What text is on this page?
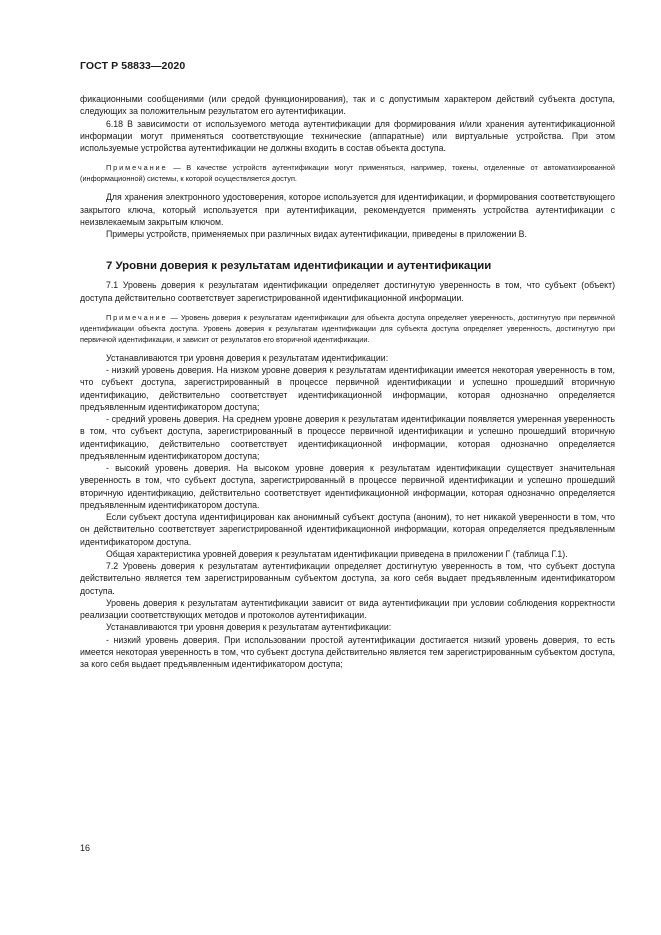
ГОСТ Р 58833—2020

фикационными сообщениями (или средой функционирования), так и с допустимым характером действий субъекта доступа, следующих за положительным результатом его аутентификации.

6.18 В зависимости от используемого метода аутентификации для формирования и/или хранения аутентификационной информации могут применяться соответствующие технические (аппаратные) или виртуальные устройства. При этом используемые устройства аутентификации не должны входить в состав объекта доступа.

Примечание — В качестве устройств аутентификации могут применяться, например, токены, отделенные от автоматизированной (информационной) системы, к которой осуществляется доступ.

Для хранения электронного удостоверения, которое используется для идентификации, и формирования соответствующего закрытого ключа, который используется при аутентификации, рекомендуется применять устройства аутентификации с неизвлекаемым закрытым ключом.

Примеры устройств, применяемых при различных видах аутентификации, приведены в приложении В.

7 Уровни доверия к результатам идентификации и аутентификации

7.1 Уровень доверия к результатам идентификации определяет достигнутую уверенность в том, что субъект (объект) доступа действительно соответствует зарегистрированной идентификационной информации.

Примечание — Уровень доверия к результатам идентификации для объекта доступа определяет уверенность, достигнутую при первичной идентификации объекта доступа. Уровень доверия к результатам идентификации для субъекта доступа определяет уверенность, достигнутую при первичной идентификации, и зависит от результатов его вторичной идентификации.

Устанавливаются три уровня доверия к результатам идентификации:

- низкий уровень доверия. На низком уровне доверия к результатам идентификации имеется некоторая уверенность в том, что субъект доступа, зарегистрированный в процессе первичной идентификации и успешно прошедший вторичную идентификацию, действительно соответствует идентификационной информации, которая однозначно определяется предъявленным идентификатором доступа;

- средний уровень доверия. На среднем уровне доверия к результатам идентификации появляется умеренная уверенность в том, что субъект доступа, зарегистрированный в процессе первичной идентификации и успешно прошедший вторичную идентификацию, действительно соответствует идентификационной информации, которая однозначно определяется предъявленным идентификатором доступа;

- высокий уровень доверия. На высоком уровне доверия к результатам идентификации существует значительная уверенность в том, что субъект доступа, зарегистрированный в процессе первичной идентификации и успешно прошедший вторичную идентификацию, действительно соответствует идентификационной информации, которая однозначно определяется предъявленным идентификатором доступа.

Если субъект доступа идентифицирован как анонимный субъект доступа (аноним), то нет никакой уверенности в том, что он действительно соответствует зарегистрированной идентификационной информации, которая определяется предъявленным идентификатором доступа.

Общая характеристика уровней доверия к результатам идентификации приведена в приложении Г (таблица Г.1).

7.2 Уровень доверия к результатам аутентификации определяет достигнутую уверенность в том, что субъект доступа действительно является тем зарегистрированным субъектом доступа, за кого себя выдает предъявленным идентификатором доступа.

Уровень доверия к результатам аутентификации зависит от вида аутентификации при условии соблюдения корректности реализации соответствующих методов и протоколов аутентификации.

Устанавливаются три уровня доверия к результатам аутентификации:

- низкий уровень доверия. При использовании простой аутентификации достигается низкий уровень доверия, то есть имеется некоторая уверенность в том, что субъект доступа действительно является тем зарегистрированным субъектом доступа, за кого себя выдает предъявленным идентификатором доступа;

16
